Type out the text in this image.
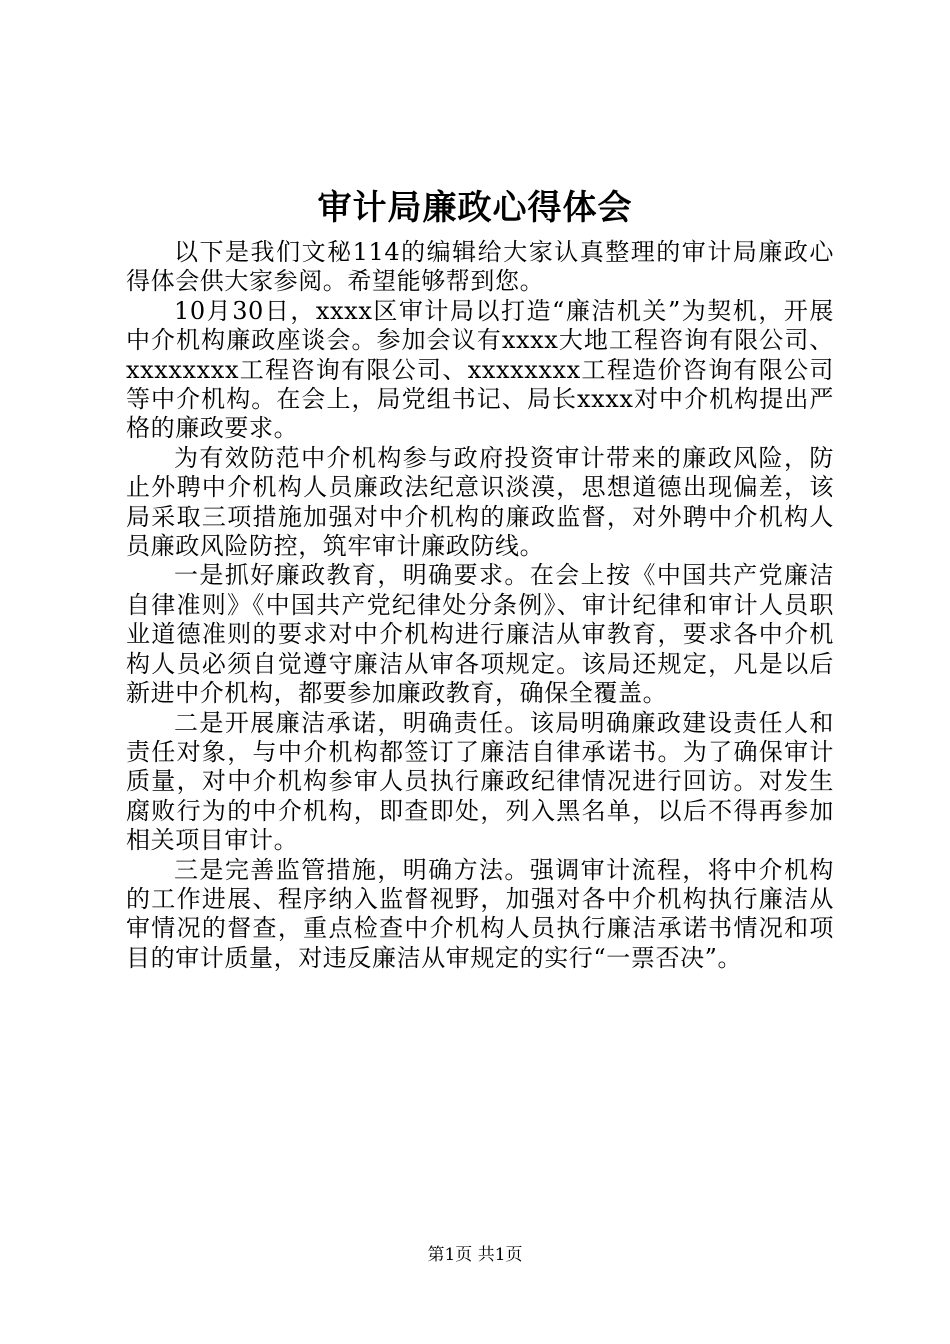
审计局廉政心得体会

以下是我们文秘114的编辑给大家认真整理的审计局廉政心得体会供大家参阅。希望能够帮到您。

10月30日，xxxx区审计局以打造“廉洁机关”为契机，开展中介机构廉政座谈会。参加会议有xxxx大地工程咨询有限公司、xxxxxxxx工程咨询有限公司、xxxxxxxx工程造价咨询有限公司等中介机构。在会上，局党组书记、局长xxxx对中介机构提出严格的廉政要求。

为有效防范中介机构参与政府投资审计带来的廉政风险，防止外聘中介机构人员廉政法纪意识淡漠，思想道德出现偏差，该局采取三项措施加强对中介机构的廉政监督，对外聘中介机构人员廉政风险防控，筑牢审计廉政防线。

一是抓好廉政教育，明确要求。在会上按《中国共产党廉洁自律准则》《中国共产党纪律处分条例》、审计纪律和审计人员职业道德准则的要求对中介机构进行廉洁从审教育，要求各中介机构人员必须自觉遵守廉洁从审各项规定。该局还规定，凡是以后新进中介机构，都要参加廉政教育，确保全覆盖。

二是开展廉洁承诺，明确责任。该局明确廉政建设责任人和责任对象，与中介机构都签订了廉洁自律承诺书。为了确保审计质量，对中介机构参审人员执行廉政纪律情况进行回访。对发生腐败行为的中介机构，即查即处，列入黑名单，以后不得再参加相关项目审计。

三是完善监管措施，明确方法。强调审计流程，将中介机构的工作进展、程序纳入监督视野，加强对各中介机构执行廉洁从审情况的督查，重点检查中介机构人员执行廉洁承诺书情况和项目的审计质量，对违反廉洁从审规定的实行“一票否决”。

第1页 共1页
